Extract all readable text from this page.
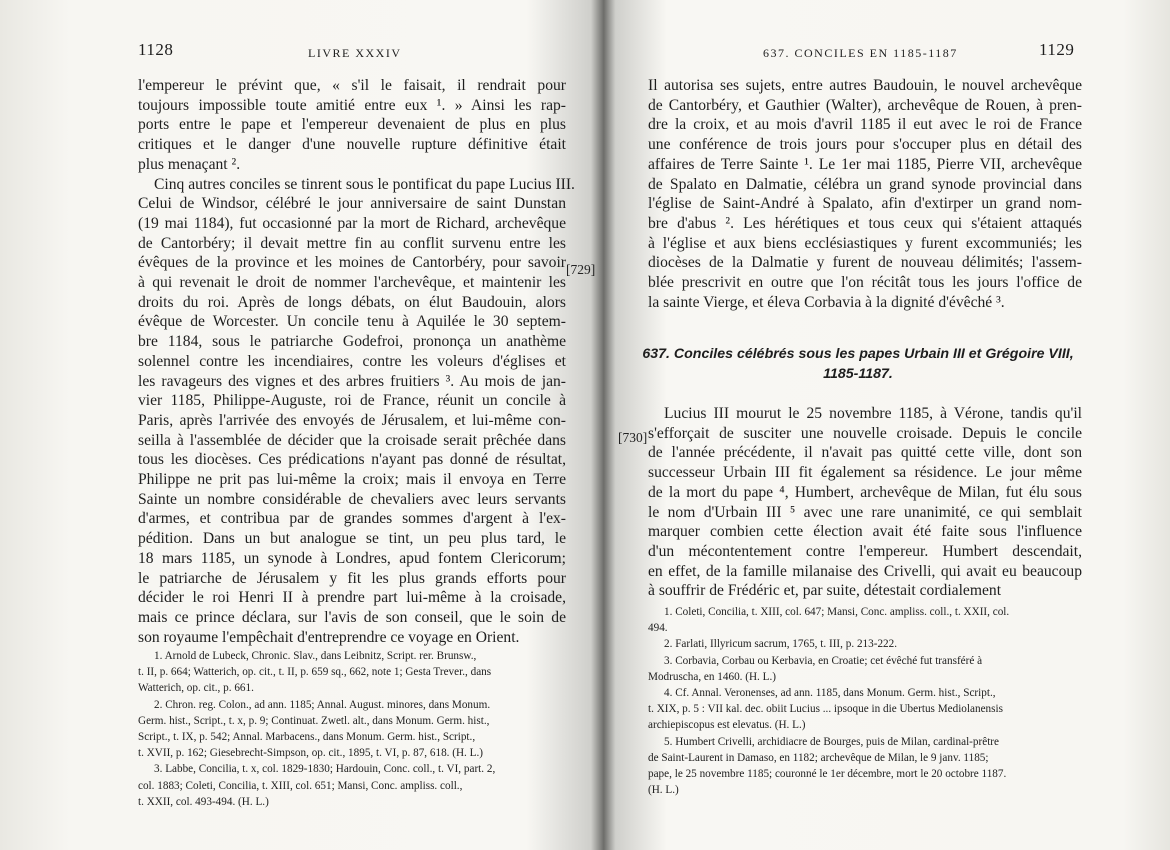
1128	LIVRE XXXIV
l'empereur le prévint que, « s'il le faisait, il rendrait pour
toujours impossible toute amitié entre eux ¹. » Ainsi les rap-
ports entre le pape et l'empereur devenaient de plus en plus
critiques et le danger d'une nouvelle rupture définitive était
plus menaçant ².
Cinq autres conciles se tinrent sous le pontificat du pape Lucius III.
Celui de Windsor, célébré le jour anniversaire de saint Dunstan
(19 mai 1184), fut occasionné par la mort de Richard, archevêque
de Cantorbéry; il devait mettre fin au conflit survenu entre les
évêques de la province et les moines de Cantorbéry, pour savoir
à qui revenait le droit de nommer l'archevêque, et maintenir les
droits du roi. Après de longs débats, on élut Baudouin, alors
évêque de Worcester. Un concile tenu à Aquilée le 30 septem-
bre 1184, sous le patriarche Godefroi, prononça un anathème
solennel contre les incendiaires, contre les voleurs d'églises et
les ravageurs des vignes et des arbres fruitiers ³. Au mois de jan-
vier 1185, Philippe-Auguste, roi de France, réunit un concile à
Paris, après l'arrivée des envoyés de Jérusalem, et lui-même con-
seilla à l'assemblée de décider que la croisade serait prêchée dans
tous les diocèses. Ces prédications n'ayant pas donné de résultat,
Philippe ne prit pas lui-même la croix; mais il envoya en Terre
Sainte un nombre considérable de chevaliers avec leurs servants
d'armes, et contribua par de grandes sommes d'argent à l'ex-
pédition. Dans un but analogue se tint, un peu plus tard, le
18 mars 1185, un synode à Londres, apud fontem Clericorum;
le patriarche de Jérusalem y fit les plus grands efforts pour
décider le roi Henri II à prendre part lui-même à la croisade,
mais ce prince déclara, sur l'avis de son conseil, que le soin de
son royaume l'empêchait d'entreprendre ce voyage en Orient.
[729]
1. Arnold de Lubeck, Chronic. Slav., dans Leibnitz, Script. rer. Brunsw.,
t. II, p. 664; Watterich, op. cit., t. II, p. 659 sq., 662, note 1; Gesta Trever., dans
Watterich, op. cit., p. 661.
2. Chron. reg. Colon., ad ann. 1185; Annal. August. minores, dans Monum.
Germ. hist., Script., t. x, p. 9; Continuat. Zwetl. alt., dans Monum. Germ. hist.,
Script., t. IX, p. 542; Annal. Marbacens., dans Monum. Germ. hist., Script.,
t. XVII, p. 162; Giesebrecht-Simpson, op. cit., 1895, t. VI, p. 87, 618. (H. L.)
3. Labbe, Concilia, t. x, col. 1829-1830; Hardouin, Conc. coll., t. VI, part. 2,
col. 1883; Coleti, Concilia, t. XIII, col. 651; Mansi, Conc. ampliss. coll.,
t. XXII, col. 493-494. (H. L.)
637. CONCILES EN 1185-1187	1129
Il autorisa ses sujets, entre autres Baudouin, le nouvel archevêque
de Cantorbéry, et Gauthier (Walter), archevêque de Rouen, à pren-
dre la croix, et au mois d'avril 1185 il eut avec le roi de France
une conférence de trois jours pour s'occuper plus en détail des
affaires de Terre Sainte ¹. Le 1er mai 1185, Pierre VII, archevêque
de Spalato en Dalmatie, célébra un grand synode provincial dans
l'église de Saint-André à Spalato, afin d'extirper un grand nom-
bre d'abus ². Les hérétiques et tous ceux qui s'étaient attaqués
à l'église et aux biens ecclésiastiques y furent excommuniés; les
diocèses de la Dalmatie y furent de nouveau délimités; l'assem-
blée prescrivit en outre que l'on récitât tous les jours l'office de
la sainte Vierge, et éleva Corbavia à la dignité d'évêché ³.
637. Conciles célébrés sous les papes Urbain III et Grégoire VIII,
1185-1187.
[730]
Lucius III mourut le 25 novembre 1185, à Vérone, tandis qu'il
s'efforçait de susciter une nouvelle croisade. Depuis le concile
de l'année précédente, il n'avait pas quitté cette ville, dont son
successeur Urbain III fit également sa résidence. Le jour même
de la mort du pape ⁴, Humbert, archevêque de Milan, fut élu sous
le nom d'Urbain III ⁵ avec une rare unanimité, ce qui semblait
marquer combien cette élection avait été faite sous l'influence
d'un mécontentement contre l'empereur. Humbert descendait,
en effet, de la famille milanaise des Crivelli, qui avait eu beaucoup
à souffrir de Frédéric et, par suite, détestait cordialement
1. Coleti, Concilia, t. XIII, col. 647; Mansi, Conc. ampliss. coll., t. XXII, col.
494.
2. Farlati, Illyricum sacrum, 1765, t. III, p. 213-222.
3. Corbavia, Corbau ou Kerbavia, en Croatie; cet évêché fut transféré à
Modruscha, en 1460. (H. L.)
4. Cf. Annal. Veronenses, ad ann. 1185, dans Monum. Germ. hist., Script.,
t. XIX, p. 5 : VII kal. dec. obiit Lucius ... ipsoque in die Ubertus Mediolanensis
archiepiscopus est elevatus. (H. L.)
5. Humbert Crivelli, archidiacre de Bourges, puis de Milan, cardinal-prêtre
de Saint-Laurent in Damaso, en 1182; archevêque de Milan, le 9 janv. 1185;
pape, le 25 novembre 1185; couronné le 1er décembre, mort le 20 octobre 1187.
(H. L.)
